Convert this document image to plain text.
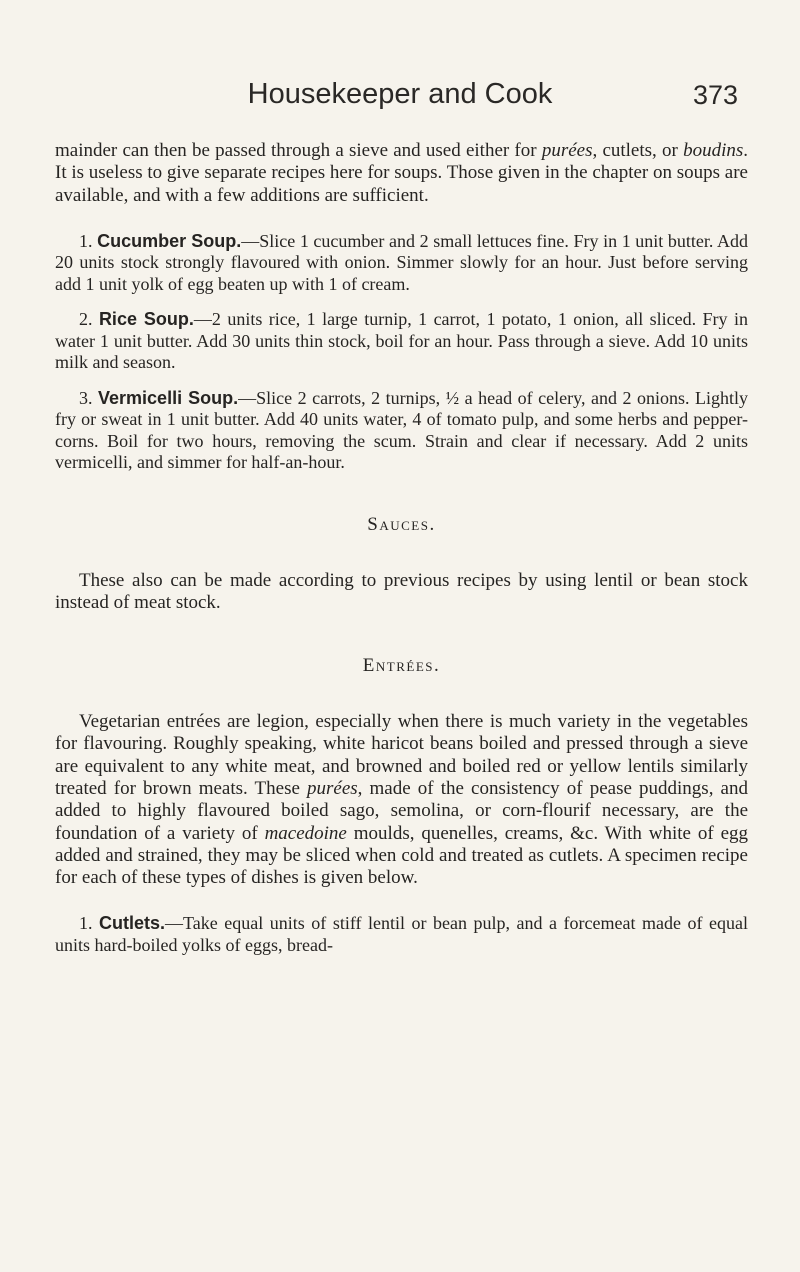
Housekeeper and Cook	373

mainder can then be passed through a sieve and used either for purées, cutlets, or boudins. It is useless to give separate recipes here for soups. Those given in the chapter on soups are available, and with a few additions are sufficient.

1. Cucumber Soup.—Slice 1 cucumber and 2 small lettuces fine. Fry in 1 unit butter. Add 20 units stock strongly flavoured with onion. Simmer slowly for an hour. Just before serving add 1 unit yolk of egg beaten up with 1 of cream.

2. Rice Soup.—2 units rice, 1 large turnip, 1 carrot, 1 potato, 1 onion, all sliced. Fry in water 1 unit butter. Add 30 units thin stock, boil for an hour. Pass through a sieve. Add 10 units milk and season.

3. Vermicelli Soup.—Slice 2 carrots, 2 turnips, ½ a head of celery, and 2 onions. Lightly fry or sweat in 1 unit butter. Add 40 units water, 4 of tomato pulp, and some herbs and pepper-corns. Boil for two hours, removing the scum. Strain and clear if necessary. Add 2 units vermicelli, and simmer for half-an-hour.

Sauces.

These also can be made according to previous recipes by using lentil or bean stock instead of meat stock.

Entrées.

Vegetarian entrées are legion, especially when there is much variety in the vegetables for flavouring. Roughly speaking, white haricot beans boiled and pressed through a sieve are equivalent to any white meat, and browned and boiled red or yellow lentils similarly treated for brown meats. These purées, made of the consistency of pease puddings, and added to highly flavoured boiled sago, semolina, or corn-flourif necessary, are the foundation of a variety of macedoine moulds, quenelles, creams, &c. With white of egg added and strained, they may be sliced when cold and treated as cutlets. A specimen recipe for each of these types of dishes is given below.

1. Cutlets.—Take equal units of stiff lentil or bean pulp, and a forcemeat made of equal units hard-boiled yolks of eggs, bread-
